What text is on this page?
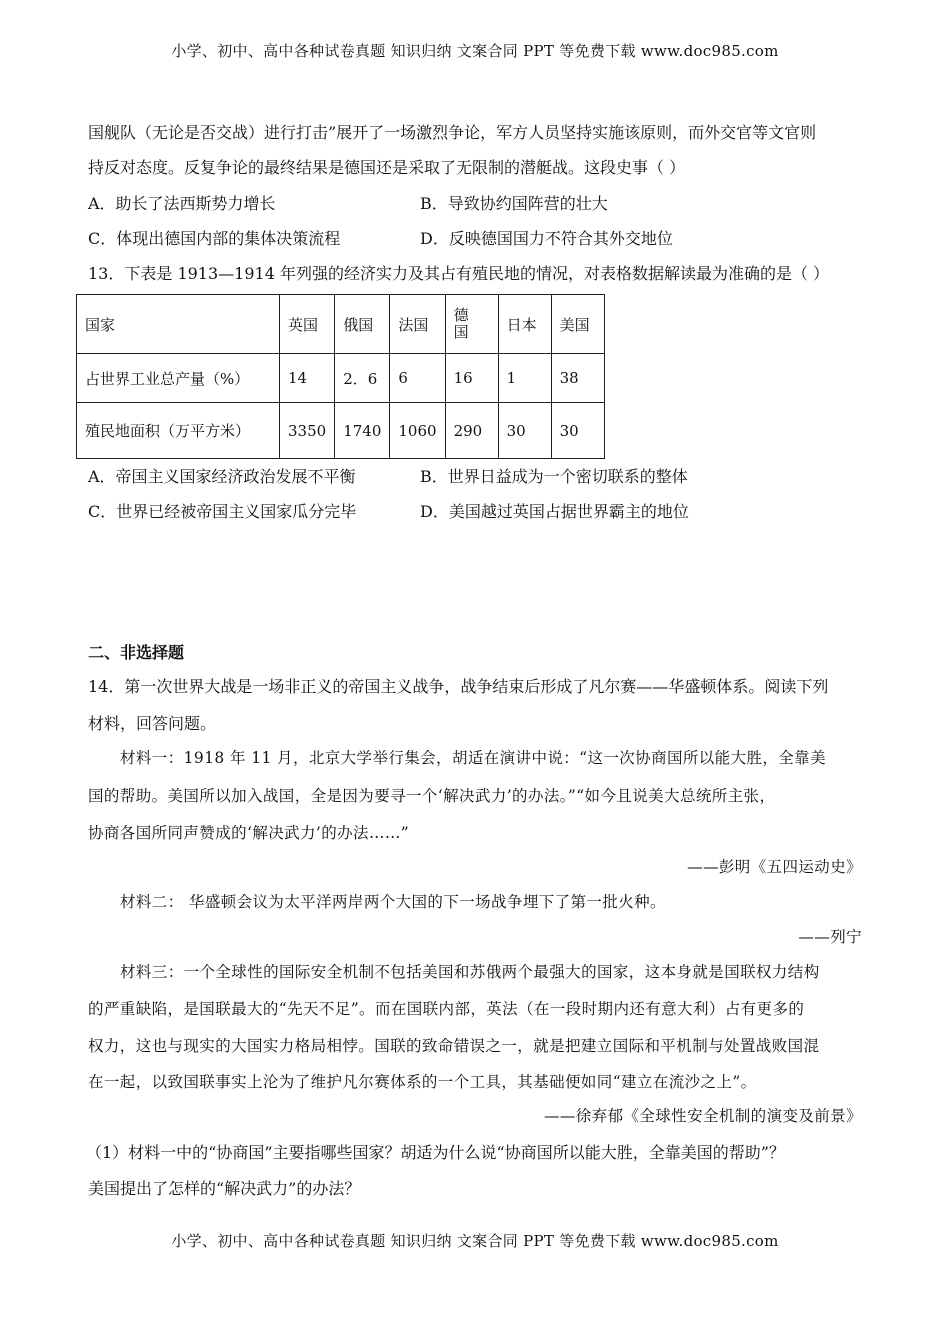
小学、初中、高中各种试卷真题 知识归纳 文案合同 PPT 等免费下载 www.doc985.com
国舰队（无论是否交战）进行打击”展开了一场激烈争论，军方人员坚持实施该原则，而外交官等文官则
持反对态度。反复争论的最终结果是德国还是采取了无限制的潜艇战。这段史事（ ）
A．助长了法西斯势力增长	B．导致协约国阵营的壮大
C．体现出德国内部的集体决策流程	D．反映德国国力不符合其外交地位
13．下表是 1913—1914 年列强的经济实力及其占有殖民地的情况，对表格数据解读最为准确的是（ ）
国家	英国	俄国	法国	德国	日本	美国
占世界工业总产量（%）	14	2．6	6	16	1	38
殖民地面积（万平方米）	3350	1740	1060	290	30	30
A．帝国主义国家经济政治发展不平衡	B．世界日益成为一个密切联系的整体
C．世界已经被帝国主义国家瓜分完毕	D．美国越过英国占据世界霸主的地位
二、非选择题
14．第一次世界大战是一场非正义的帝国主义战争，战争结束后形成了凡尔赛——华盛顿体系。阅读下列
材料，回答问题。
材料一：1918 年 11 月，北京大学举行集会，胡适在演讲中说：“这一次协商国所以能大胜，全靠美
国的帮助。美国所以加入战国，全是因为要寻一个‘解决武力’的办法。”“如今且说美大总统所主张，
协商各国所同声赞成的‘解决武力’的办法……”
——彭明《五四运动史》
材料二： 华盛顿会议为太平洋两岸两个大国的下一场战争埋下了第一批火种。
——列宁
材料三：一个全球性的国际安全机制不包括美国和苏俄两个最强大的国家，这本身就是国联权力结构
的严重缺陷，是国联最大的“先天不足”。而在国联内部，英法（在一段时期内还有意大利）占有更多的
权力，这也与现实的大国实力格局相悖。国联的致命错误之一，就是把建立国际和平机制与处置战败国混
在一起，以致国联事实上沦为了维护凡尔赛体系的一个工具，其基础便如同“建立在流沙之上”。
——徐弃郁《全球性安全机制的演变及前景》
（1）材料一中的“协商国”主要指哪些国家？胡适为什么说“协商国所以能大胜，全靠美国的帮助”？
美国提出了怎样的“解决武力”的办法？
小学、初中、高中各种试卷真题 知识归纳 文案合同 PPT 等免费下载 www.doc985.com
